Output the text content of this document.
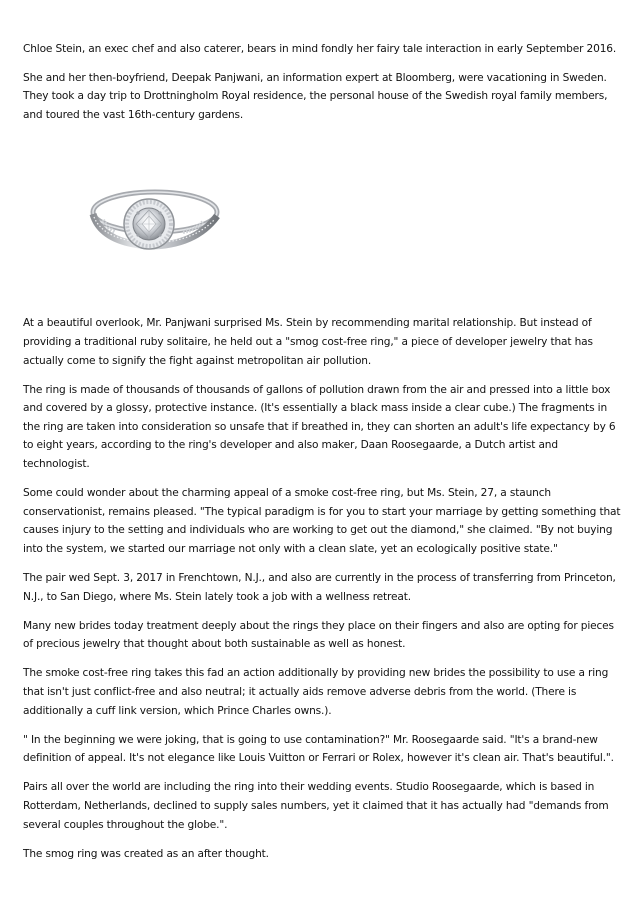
Chloe Stein, an exec chef and also caterer, bears in mind fondly her fairy tale interaction in early September 2016.

She and her then-boyfriend, Deepak Panjwani, an information expert at Bloomberg, were vacationing in Sweden. They took a day trip to Drottningholm Royal residence, the personal house of the Swedish royal family members, and toured the vast 16th-century gardens.

At a beautiful overlook, Mr. Panjwani surprised Ms. Stein by recommending marital relationship. But instead of providing a traditional ruby solitaire, he held out a "smog cost-free ring," a piece of developer jewelry that has actually come to signify the fight against metropolitan air pollution.

The ring is made of thousands of thousands of gallons of pollution drawn from the air and pressed into a little box and covered by a glossy, protective instance. (It's essentially a black mass inside a clear cube.) The fragments in the ring are taken into consideration so unsafe that if breathed in, they can shorten an adult's life expectancy by 6 to eight years, according to the ring's developer and also maker, Daan Roosegaarde, a Dutch artist and technologist.

Some could wonder about the charming appeal of a smoke cost-free ring, but Ms. Stein, 27, a staunch conservationist, remains pleased. "The typical paradigm is for you to start your marriage by getting something that causes injury to the setting and individuals who are working to get out the diamond," she claimed. "By not buying into the system, we started our marriage not only with a clean slate, yet an ecologically positive state."

The pair wed Sept. 3, 2017 in Frenchtown, N.J., and also are currently in the process of transferring from Princeton, N.J., to San Diego, where Ms. Stein lately took a job with a wellness retreat.

Many new brides today treatment deeply about the rings they place on their fingers and also are opting for pieces of precious jewelry that thought about both sustainable as well as honest.

The smoke cost-free ring takes this fad an action additionally by providing new brides the possibility to use a ring that isn't just conflict-free and also neutral; it actually aids remove adverse debris from the world. (There is additionally a cuff link version, which Prince Charles owns.).

" In the beginning we were joking, that is going to use contamination?" Mr. Roosegaarde said. "It's a brand-new definition of appeal. It's not elegance like Louis Vuitton or Ferrari or Rolex, however it's clean air. That's beautiful.".

Pairs all over the world are including the ring into their wedding events. Studio Roosegaarde, which is based in Rotterdam, Netherlands, declined to supply sales numbers, yet it claimed that it has actually had "demands from several couples throughout the globe.".

The smog ring was created as an after thought.
